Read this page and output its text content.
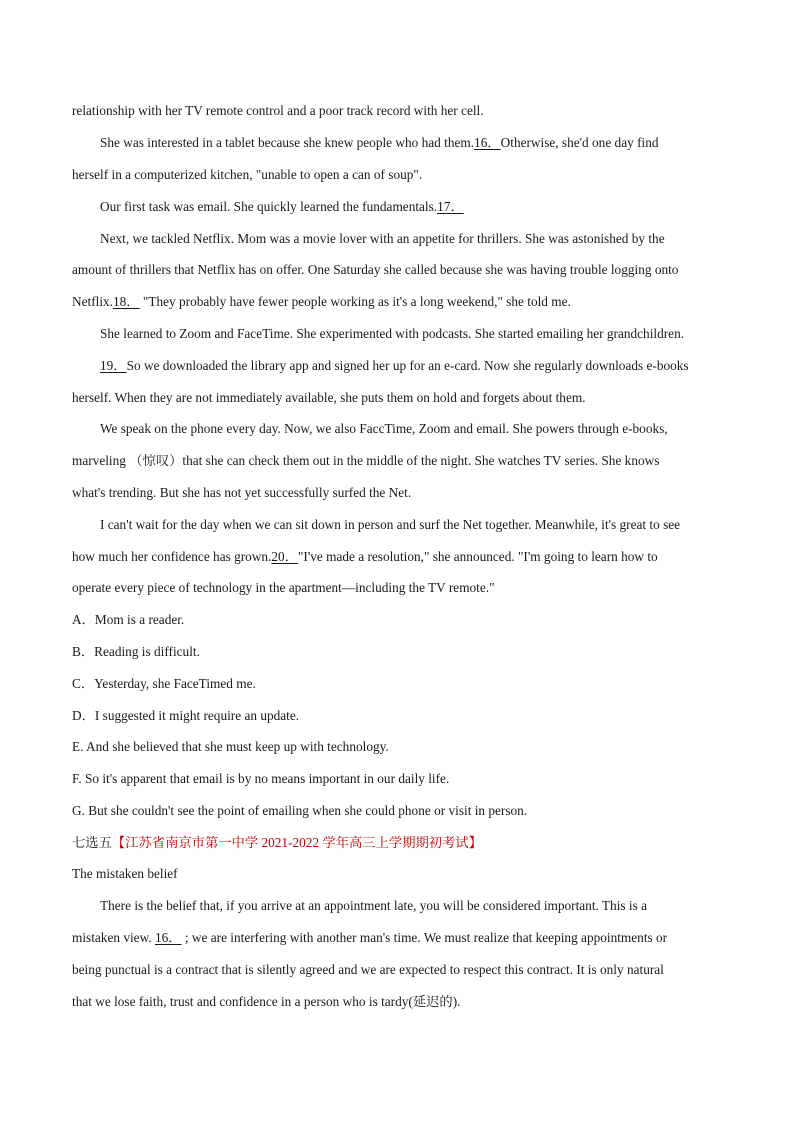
relationship with her TV remote control and a poor track record with her cell.
She was interested in a tablet because she knew people who had them.16．Otherwise, she'd one day find
herself in a computerized kitchen, "unable to open a can of soup".
Our first task was email. She quickly learned the fundamentals.17．
Next, we tackled Netflix. Mom was a movie lover with an appetite for thrillers. She was astonished by the
amount of thrillers that Netflix has on offer. One Saturday she called because she was having trouble logging onto
Netflix.18． "They probably have fewer people working as it's a long weekend," she told me.
She learned to Zoom and FaceTime. She experimented with podcasts. She started emailing her grandchildren.
19．So we downloaded the library app and signed her up for an e-card. Now she regularly downloads e-books
herself. When they are not immediately available, she puts them on hold and forgets about them.
We speak on the phone every day. Now, we also FaccTime, Zoom and email. She powers through e-books,
marveling （惊叹）that she can check them out in the middle of the night. She watches TV series. She knows
what's trending. But she has not yet successfully surfed the Net.
I can't wait for the day when we can sit down in person and surf the Net together. Meanwhile, it's great to see
how much her confidence has grown.20．"I've made a resolution," she announced. "I'm going to learn how to
operate every piece of technology in the apartment—including the TV remote."
A．Mom is a reader.
B．Reading is difficult.
C．Yesterday, she FaceTimed me.
D．I suggested it might require an update.
E. And she believed that she must keep up with technology.
F. So it's apparent that email is by no means important in our daily life.
G. But she couldn't see the point of emailing when she could phone or visit in person.
七选五【江苏省南京市第一中学 2021-2022 学年高三上学期期初考试】
The mistaken belief
There is the belief that, if you arrive at an appointment late, you will be considered important. This is a
mistaken view. 16． ; we are interfering with another man's time. We must realize that keeping appointments or
being punctual is a contract that is silently agreed and we are expected to respect this contract. It is only natural
that we lose faith, trust and confidence in a person who is tardy(延迟的).
